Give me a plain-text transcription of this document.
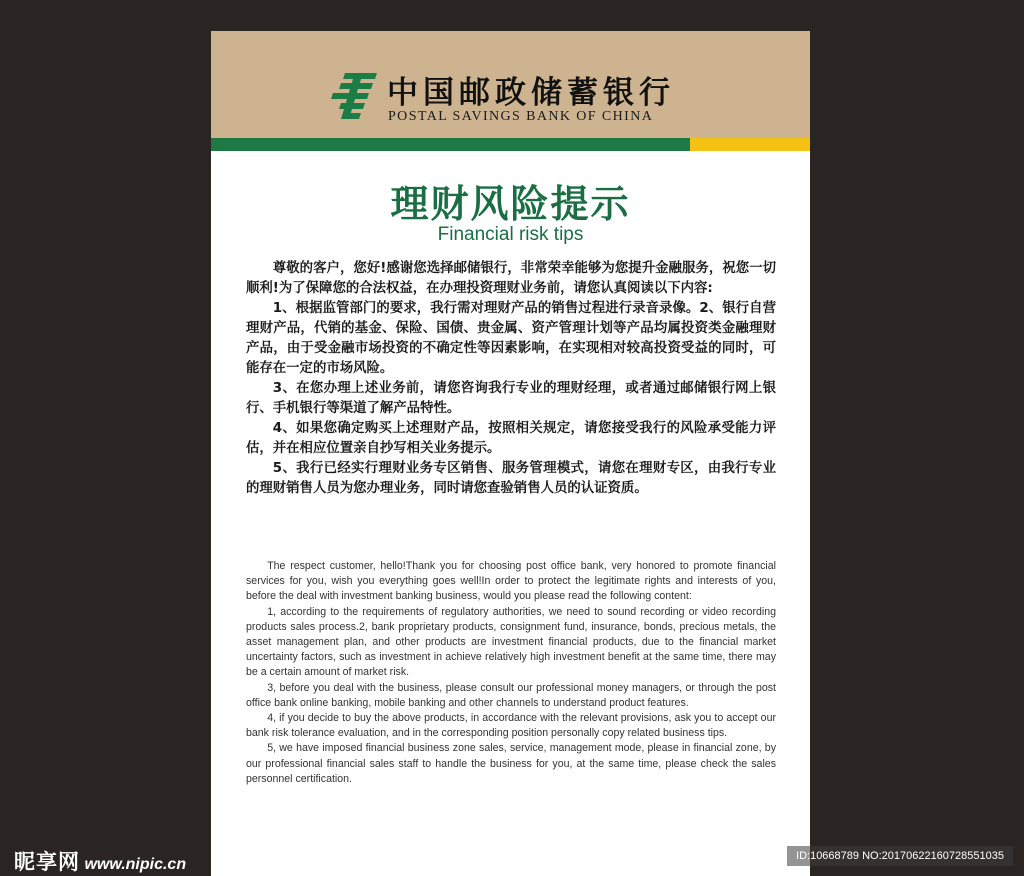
中国邮政储蓄银行
POSTAL SAVINGS BANK OF CHINA
理财风险提示
Financial risk tips

尊敬的客户，您好!感谢您选择邮储银行，非常荣幸能够为您提升金融服务，祝您一切顺利!为了保障您的合法权益，在办理投资理财业务前，请您认真阅读以下内容:

1、根据监管部门的要求，我行需对理财产品的销售过程进行录音录像。2、银行自营理财产品，代销的基金、保险、国债、贵金属、资产管理计划等产品均属投资类金融理财产品，由于受金融市场投资的不确定性等因素影响，在实现相对较高投资受益的同时，可能存在一定的市场风险。

3、在您办理上述业务前，请您咨询我行专业的理财经理，或者通过邮储银行网上银行、手机银行等渠道了解产品特性。

4、如果您确定购买上述理财产品，按照相关规定，请您接受我行的风险承受能力评估，并在相应位置亲自抄写相关业务提示。

5、我行已经实行理财业务专区销售、服务管理模式，请您在理财专区，由我行专业的理财销售人员为您办理业务，同时请您查验销售人员的认证资质。

The respect customer, hello!Thank you for choosing post office bank, very honored to promote financial services for you, wish you everything goes well!In order to protect the legitimate rights and interests of you, before the deal with investment banking business, would you please read the following content:

1, according to the requirements of regulatory authorities, we need to sound recording or video recording products sales process.2, bank proprietary products, consignment fund, insurance, bonds, precious metals, the asset management plan, and other products are investment financial products, due to the financial market uncertainty factors, such as investment in achieve relatively high investment benefit at the same time, there may be a certain amount of market risk.

3, before you deal with the business, please consult our professional money managers, or through the post office bank online banking, mobile banking and other channels to understand product features.

4, if you decide to buy the above products, in accordance with the relevant provisions, ask you to accept our bank risk tolerance evaluation, and in the corresponding position personally copy related business tips.

5, we have imposed financial business zone sales, service, management mode, please in financial zone, by our professional financial sales staff to handle the business for you, at the same time, please check the sales personnel certification.

昵享网 www.nipic.cn	ID:10668789 NO:20170622160728551035
